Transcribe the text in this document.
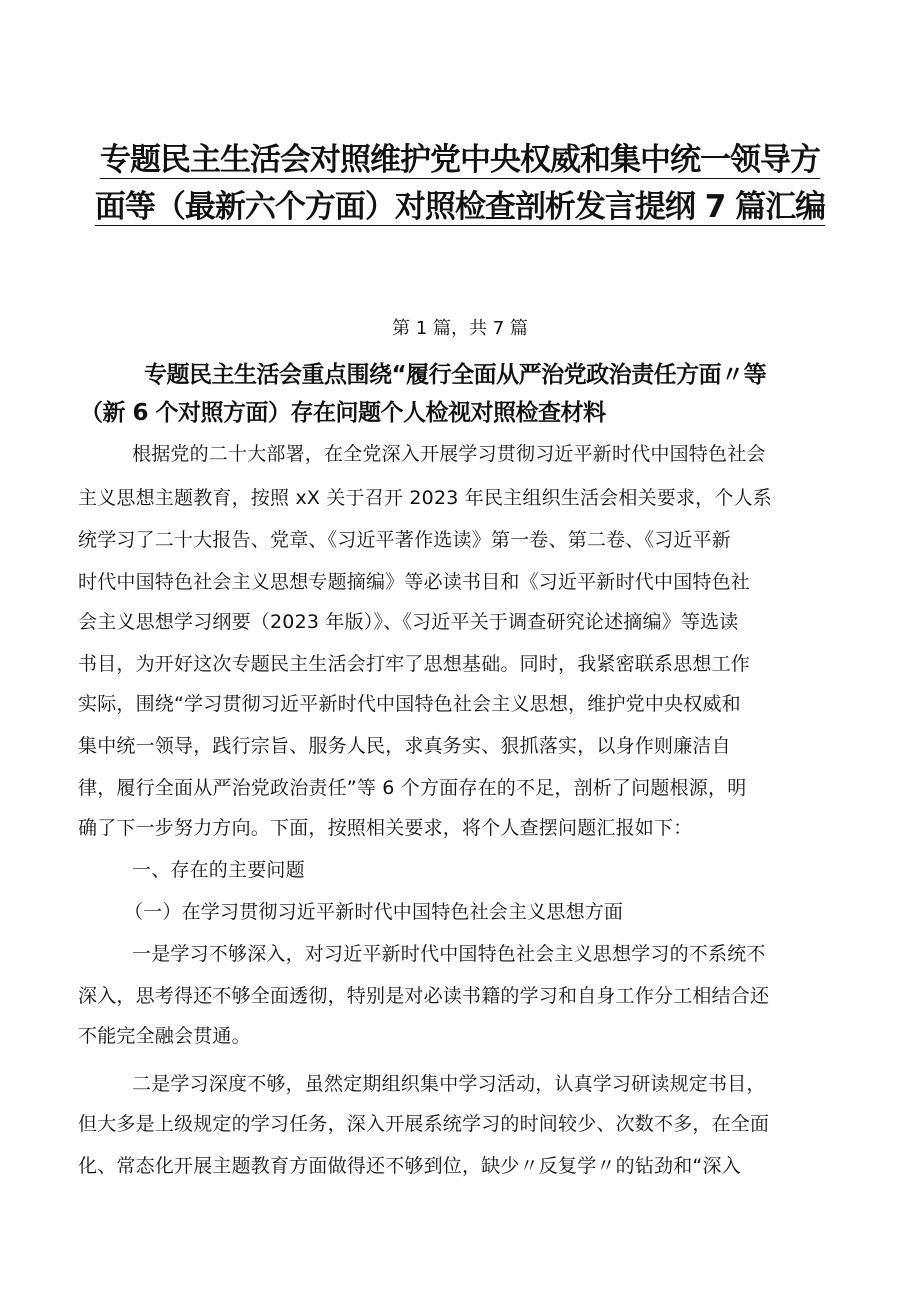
专题民主生活会对照维护党中央权威和集中统一领导方
面等（最新六个方面）对照检查剖析发言提纲 7 篇汇编
第 1 篇，共 7 篇
专题民主生活会重点围绕“履行全面从严治党政治责任方面〃等
（新 6 个对照方面）存在问题个人检视对照检查材料
根据党的二十大部署，在全党深入开展学习贯彻习近平新时代中国特色社会
主义思想主题教育，按照 xX 关于召开 2023 年民主组织生活会相关要求，个人系
统学习了二十大报告、党章、《习近平著作选读》第一卷、第二卷、《习近平新
时代中国特色社会主义思想专题摘编》等必读书目和《习近平新时代中国特色社
会主义思想学习纲要（2023 年版）》、《习近平关于调查研究论述摘编》等选读
书目，为开好这次专题民主生活会打牢了思想基础。同时，我紧密联系思想工作
实际，围绕“学习贯彻习近平新时代中国特色社会主义思想，维护党中央权威和
集中统一领导，践行宗旨、服务人民，求真务实、狠抓落实，以身作则廉洁自
律，履行全面从严治党政治责任”等 6 个方面存在的不足，剖析了问题根源，明
确了下一步努力方向。下面，按照相关要求，将个人查摆问题汇报如下：
一、存在的主要问题
（一）在学习贯彻习近平新时代中国特色社会主义思想方面
一是学习不够深入，对习近平新时代中国特色社会主义思想学习的不系统不
深入，思考得还不够全面透彻，特别是对必读书籍的学习和自身工作分工相结合还
不能完全融会贯通。
二是学习深度不够，虽然定期组织集中学习活动，认真学习研读规定书目，
但大多是上级规定的学习任务，深入开展系统学习的时间较少、次数不多，在全面
化、常态化开展主题教育方面做得还不够到位，缺少〃反复学〃的钻劲和“深入
